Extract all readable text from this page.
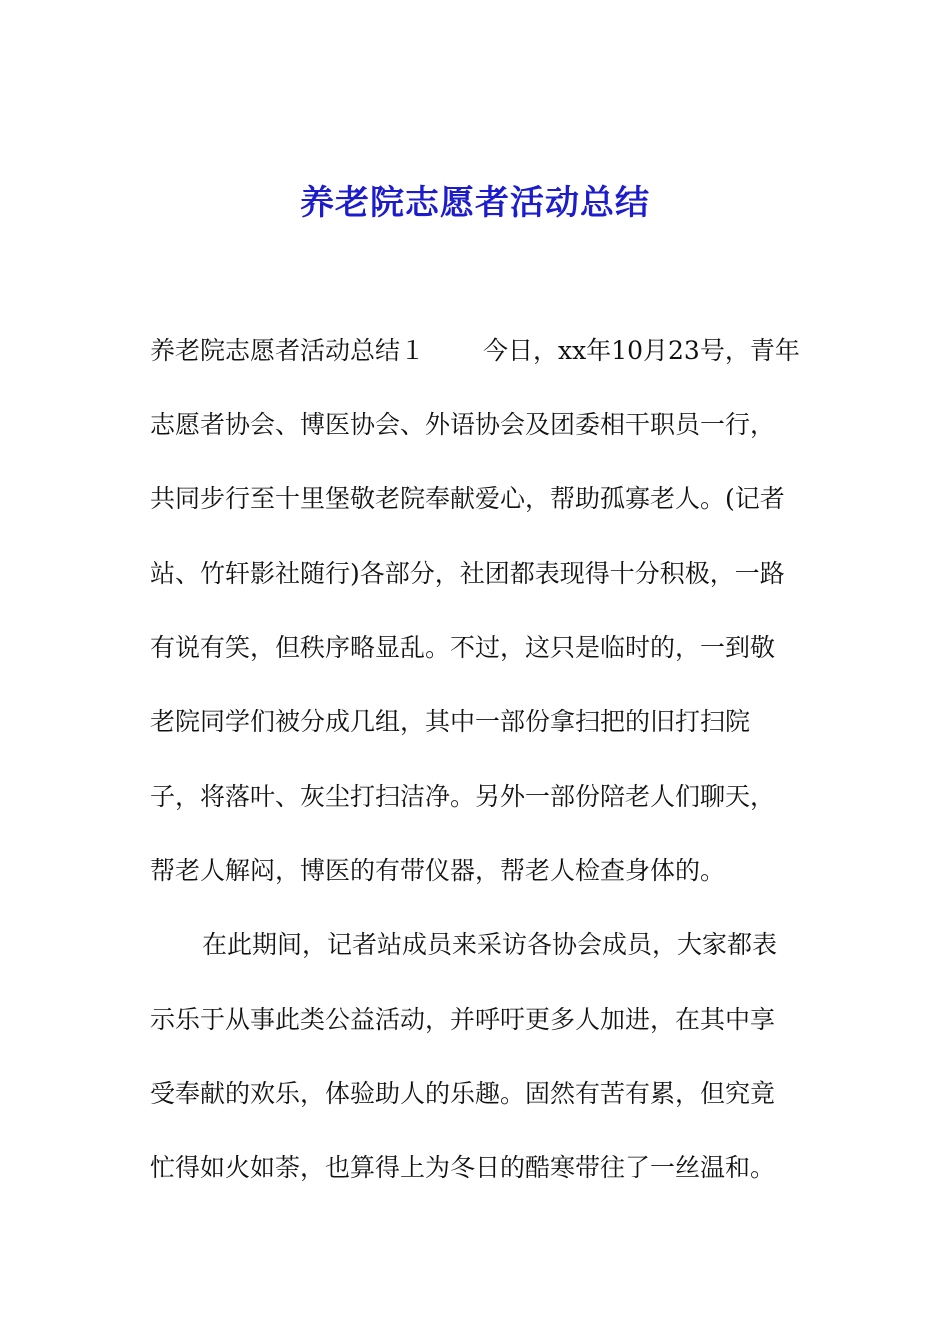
养老院志愿者活动总结
养老院志愿者活动总结１ 今日，xx年10月23号，青年
志愿者协会、博医协会、外语协会及团委相干职员一行，
共同步行至十里堡敬老院奉献爱心，帮助孤寡老人。(记者
站、竹轩影社随行)各部分，社团都表现得十分积极，一路
有说有笑，但秩序略显乱。不过，这只是临时的，一到敬
老院同学们被分成几组，其中一部份拿扫把的旧打扫院
子，将落叶、灰尘打扫洁净。另外一部份陪老人们聊天，
帮老人解闷，博医的有带仪器，帮老人检查身体的。
在此期间，记者站成员来采访各协会成员，大家都表
示乐于从事此类公益活动，并呼吁更多人加进，在其中享
受奉献的欢乐，体验助人的乐趣。固然有苦有累，但究竟
忙得如火如荼，也算得上为冬日的酷寒带往了一丝温和。
